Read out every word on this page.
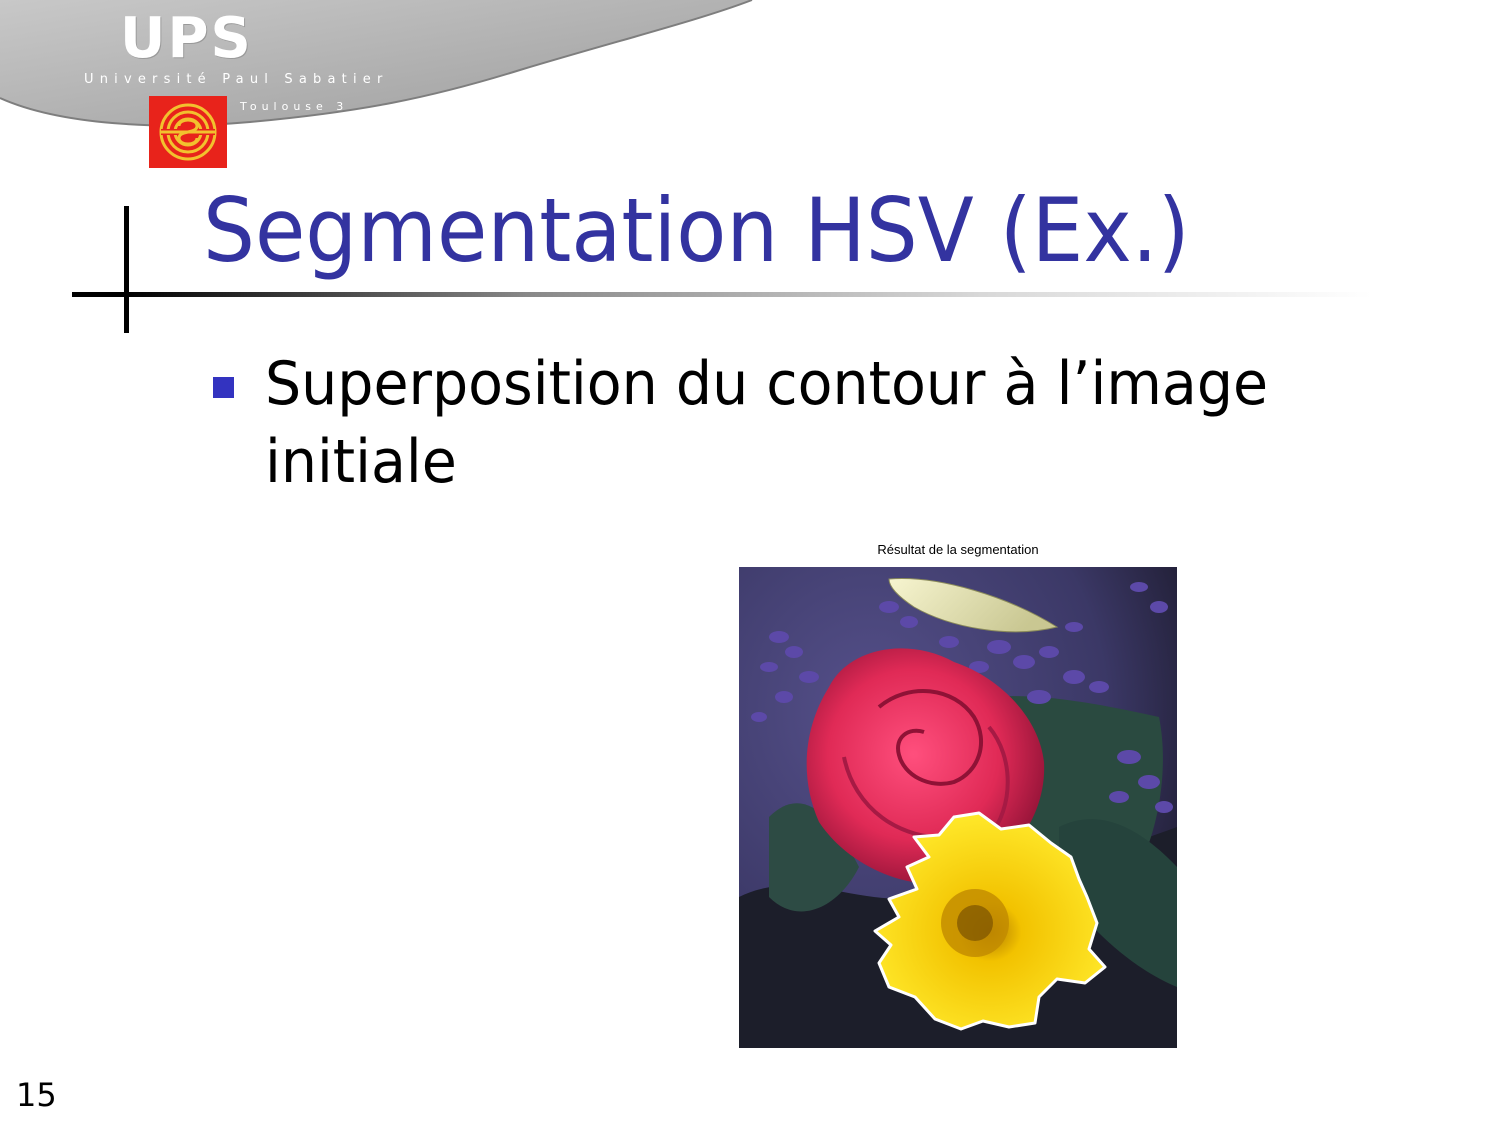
UPS
Université Paul Sabatier
Toulouse 3
Segmentation HSV (Ex.)
Superposition du contour à l’image initiale
Résultat de la segmentation
15
